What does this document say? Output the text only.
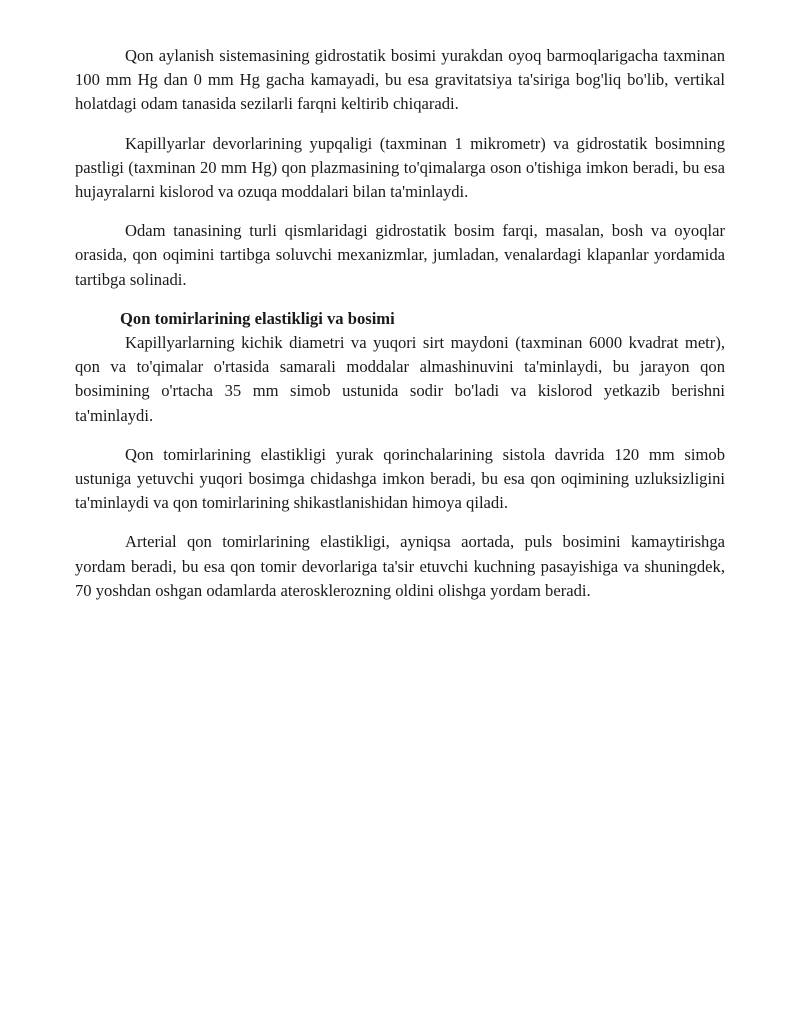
Qon aylanish sistemasining gidrostatik bosimi yurakdan oyoq barmoqlarigacha taxminan 100 mm Hg dan 0 mm Hg gacha kamayadi, bu esa gravitatsiya ta'siriga bog'liq bo'lib, vertikal holatdagi odam tanasida sezilarli farqni keltirib chiqaradi.

Kapillyarlar devorlarining yupqaligi (taxminan 1 mikrometr) va gidrostatik bosimning pastligi (taxminan 20 mm Hg) qon plazmasining to'qimalarga oson o'tishiga imkon beradi, bu esa hujayralarni kislorod va ozuqa moddalari bilan ta'minlaydi.

Odam tanasining turli qismlaridagi gidrostatik bosim farqi, masalan, bosh va oyoqlar orasida, qon oqimini tartibga soluvchi mexanizmlar, jumladan, venalardagi klapanlar yordamida tartibga solinadi.

Qon tomirlarining elastikligi va bosimi

Kapillyarlarning kichik diametri va yuqori sirt maydoni (taxminan 6000 kvadrat metr), qon va to'qimalar o'rtasida samarali moddalar almashinuvini ta'minlaydi, bu jarayon qon bosimining o'rtacha 35 mm simob ustunida sodir bo'ladi va kislorod yetkazib berishni ta'minlaydi.

Qon tomirlarining elastikligi yurak qorinchalarining sistola davrida 120 mm simob ustuniga yetuvchi yuqori bosimga chidashga imkon beradi, bu esa qon oqimining uzluksizligini ta'minlaydi va qon tomirlarining shikastlanishidan himoya qiladi.

Arterial qon tomirlarining elastikligi, ayniqsa aortada, puls bosimini kamaytirishga yordam beradi, bu esa qon tomir devorlariga ta'sir etuvchi kuchning pasayishiga va shuningdek, 70 yoshdan oshgan odamlarda aterosklerozning oldini olishga yordam beradi.
